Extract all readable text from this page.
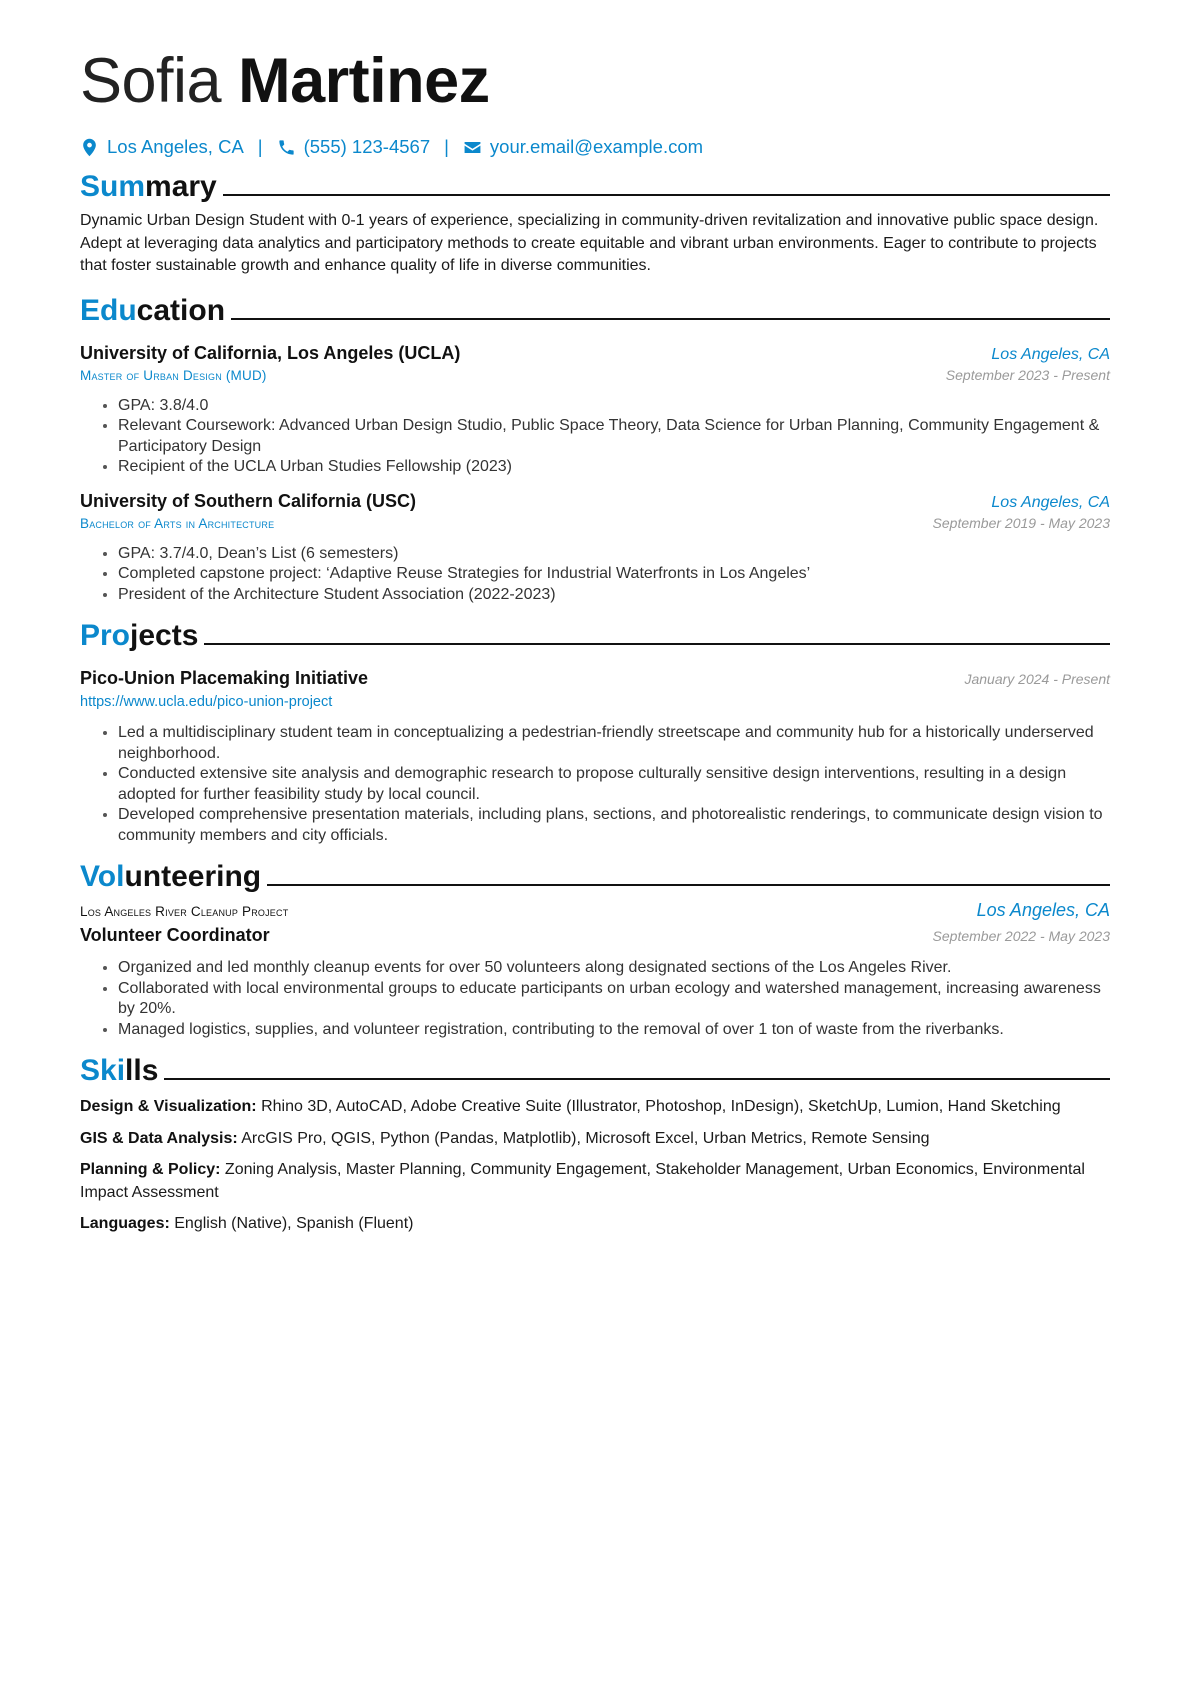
Sofia Martinez
Los Angeles, CA | (555) 123-4567 | your.email@example.com
Summary
Dynamic Urban Design Student with 0-1 years of experience, specializing in community-driven revitalization and innovative public space design. Adept at leveraging data analytics and participatory methods to create equitable and vibrant urban environments. Eager to contribute to projects that foster sustainable growth and enhance quality of life in diverse communities.
Education
University of California, Los Angeles (UCLA)	Los Angeles, CA
Master of Urban Design (MUD)	September 2023 - Present
• GPA: 3.8/4.0
• Relevant Coursework: Advanced Urban Design Studio, Public Space Theory, Data Science for Urban Planning, Community Engagement & Participatory Design
• Recipient of the UCLA Urban Studies Fellowship (2023)
University of Southern California (USC)	Los Angeles, CA
Bachelor of Arts in Architecture	September 2019 - May 2023
• GPA: 3.7/4.0, Dean’s List (6 semesters)
• Completed capstone project: ‘Adaptive Reuse Strategies for Industrial Waterfronts in Los Angeles’
• President of the Architecture Student Association (2022-2023)
Projects
Pico-Union Placemaking Initiative	January 2024 - Present
https://www.ucla.edu/pico-union-project
• Led a multidisciplinary student team in conceptualizing a pedestrian-friendly streetscape and community hub for a historically underserved neighborhood.
• Conducted extensive site analysis and demographic research to propose culturally sensitive design interventions, resulting in a design adopted for further feasibility study by local council.
• Developed comprehensive presentation materials, including plans, sections, and photorealistic renderings, to communicate design vision to community members and city officials.
Volunteering
Los Angeles River Cleanup Project	Los Angeles, CA
Volunteer Coordinator	September 2022 - May 2023
• Organized and led monthly cleanup events for over 50 volunteers along designated sections of the Los Angeles River.
• Collaborated with local environmental groups to educate participants on urban ecology and watershed management, increasing awareness by 20%.
• Managed logistics, supplies, and volunteer registration, contributing to the removal of over 1 ton of waste from the riverbanks.
Skills
Design & Visualization: Rhino 3D, AutoCAD, Adobe Creative Suite (Illustrator, Photoshop, InDesign), SketchUp, Lumion, Hand Sketching
GIS & Data Analysis: ArcGIS Pro, QGIS, Python (Pandas, Matplotlib), Microsoft Excel, Urban Metrics, Remote Sensing
Planning & Policy: Zoning Analysis, Master Planning, Community Engagement, Stakeholder Management, Urban Economics, Environmental Impact Assessment
Languages: English (Native), Spanish (Fluent)
